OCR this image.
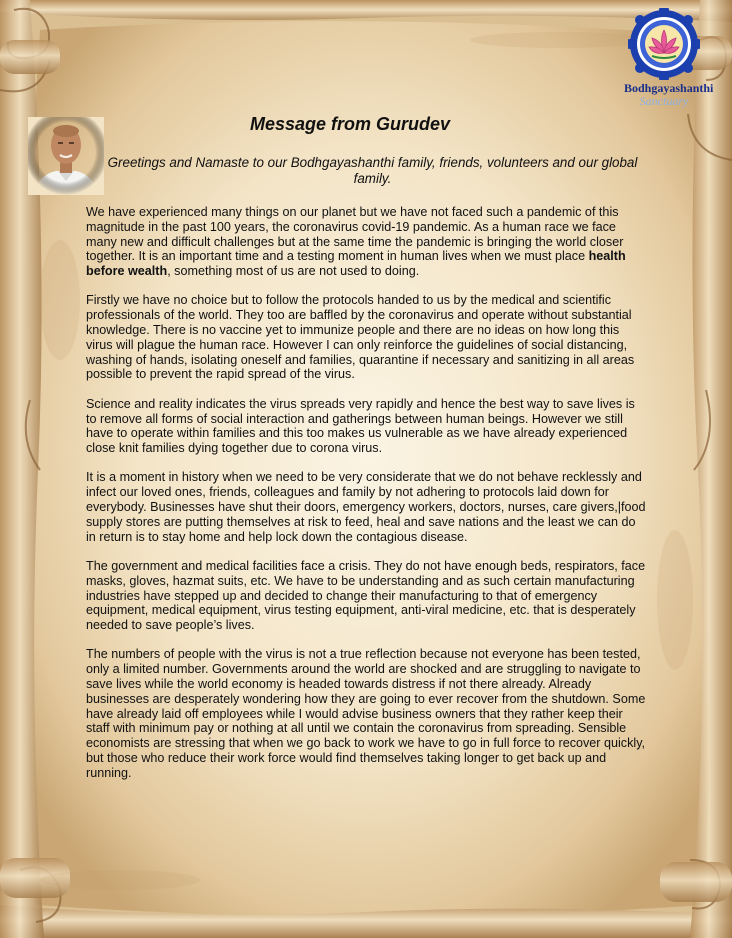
Bodhgayashanthi
Sanctuary
Message from Gurudev
Greetings and Namaste to our Bodhgayashanthi family, friends, volunteers and our global family.

We have experienced many things on our planet but we have not faced such a pandemic of this magnitude in the past 100 years, the coronavirus covid-19 pandemic. As a human race we face many new and difficult challenges but at the same time the pandemic is bringing the world closer together. It is an important time and a testing moment in human lives when we must place health before wealth, something most of us are not used to doing.

Firstly we have no choice but to follow the protocols handed to us by the medical and scientific professionals of the world. They too are baffled by the coronavirus and operate without substantial knowledge. There is no vaccine yet to immunize people and there are no ideas on how long this virus will plague the human race. However I can only reinforce the guidelines of social distancing, washing of hands, isolating oneself and families, quarantine if necessary and sanitizing in all areas possible to prevent the rapid spread of the virus.

Science and reality indicates the virus spreads very rapidly and hence the best way to save lives is to remove all forms of social interaction and gatherings between human beings. However we still have to operate within families and this too makes us vulnerable as we have already experienced close knit families dying together due to corona virus.

It is a moment in history when we need to be very considerate that we do not behave recklessly and infect our loved ones, friends, colleagues and family by not adhering to protocols laid down for everybody. Businesses have shut their doors, emergency workers, doctors, nurses, care givers,|food supply stores are putting themselves at risk to feed, heal and save nations and the least we can do in return is to stay home and help lock down the contagious disease.

The government and medical facilities face a crisis. They do not have enough beds, respirators, face masks, gloves, hazmat suits, etc. We have to be understanding and as such certain manufacturing industries have stepped up and decided to change their manufacturing to that of emergency equipment, medical equipment, virus testing equipment, anti-viral medicine, etc. that is desperately needed to save people’s lives.

The numbers of people with the virus is not a true reflection because not everyone has been tested, only a limited number. Governments around the world are shocked and are struggling to navigate to save lives while the world economy is headed towards distress if not there already. Already businesses are desperately wondering how they are going to ever recover from the shutdown. Some have already laid off employees while I would advise business owners that they rather keep their staff with minimum pay or nothing at all until we contain the coronavirus from spreading. Sensible economists are stressing that when we go back to work we have to go in full force to recover quickly, but those who reduce their work force would find themselves taking longer to get back up and running.
